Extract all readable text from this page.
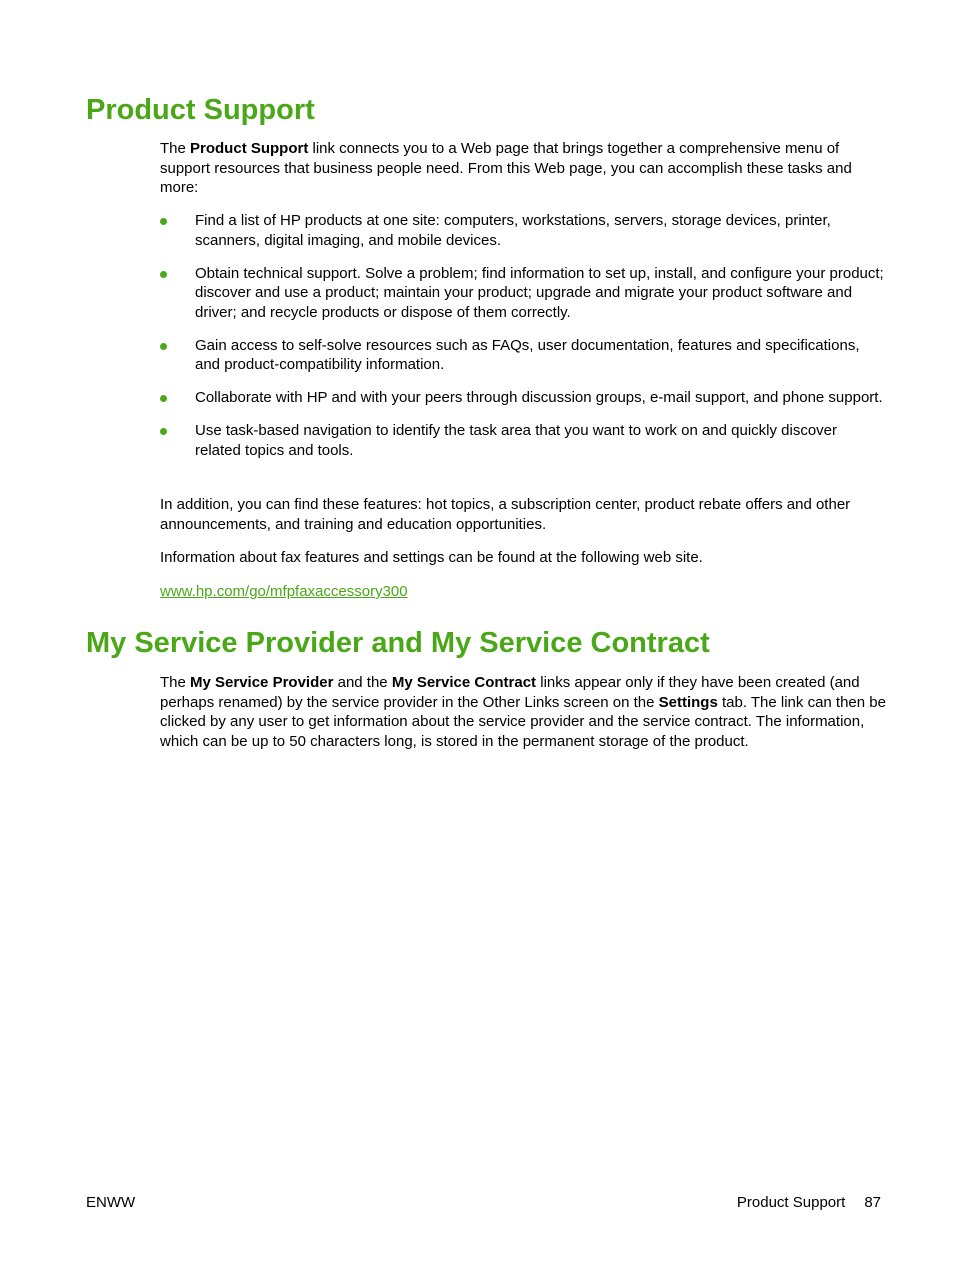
Product Support

The Product Support link connects you to a Web page that brings together a comprehensive menu of support resources that business people need. From this Web page, you can accomplish these tasks and more:

Find a list of HP products at one site: computers, workstations, servers, storage devices, printer, scanners, digital imaging, and mobile devices.
Obtain technical support. Solve a problem; find information to set up, install, and configure your product; discover and use a product; maintain your product; upgrade and migrate your product software and driver; and recycle products or dispose of them correctly.
Gain access to self-solve resources such as FAQs, user documentation, features and specifications, and product-compatibility information.
Collaborate with HP and with your peers through discussion groups, e-mail support, and phone support.
Use task-based navigation to identify the task area that you want to work on and quickly discover related topics and tools.

In addition, you can find these features: hot topics, a subscription center, product rebate offers and other announcements, and training and education opportunities.

Information about fax features and settings can be found at the following web site.

www.hp.com/go/mfpfaxaccessory300
My Service Provider and My Service Contract

The My Service Provider and the My Service Contract links appear only if they have been created (and perhaps renamed) by the service provider in the Other Links screen on the Settings tab. The link can then be clicked by any user to get information about the service provider and the service contract. The information, which can be up to 50 characters long, is stored in the permanent storage of the product.

ENWW	Product Support 87
